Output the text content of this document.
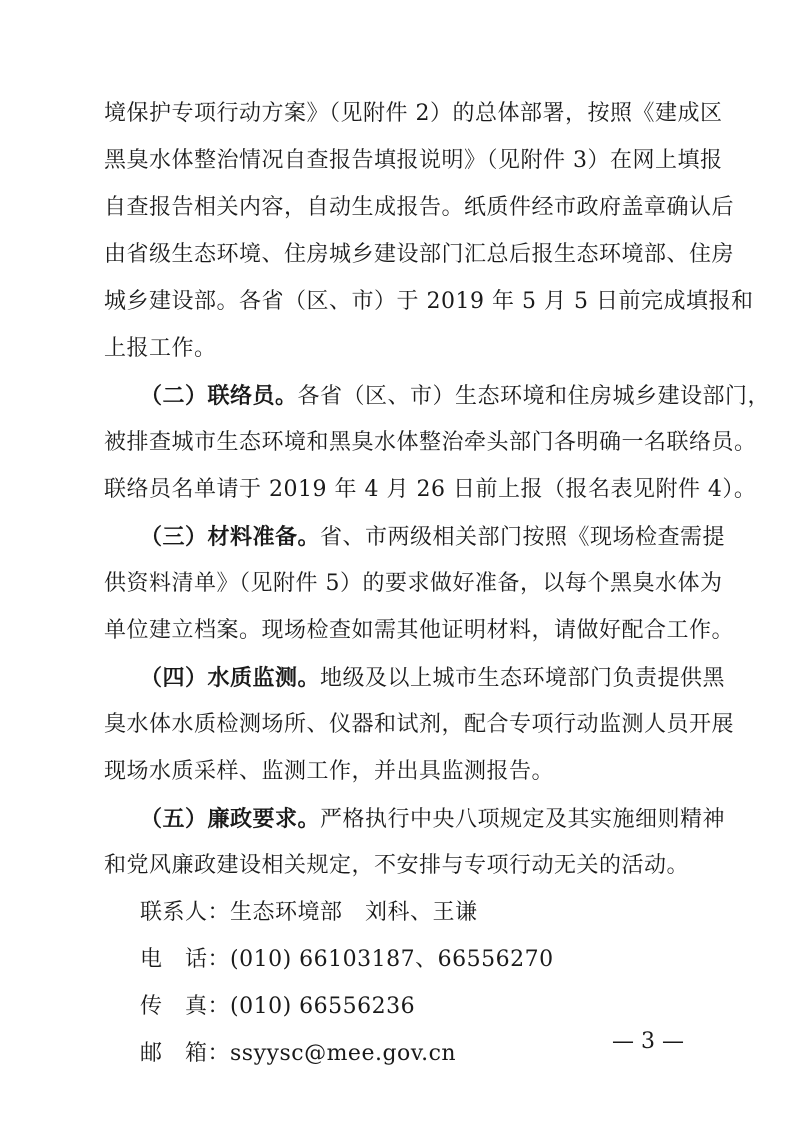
境保护专项行动方案》（见附件 2）的总体部署，按照《建成区
黑臭水体整治情况自查报告填报说明》（见附件 3）在网上填报
自查报告相关内容，自动生成报告。纸质件经市政府盖章确认后
由省级生态环境、住房城乡建设部门汇总后报生态环境部、住房
城乡建设部。各省（区、市）于 2019 年 5 月 5 日前完成填报和
上报工作。
（二）联络员。各省（区、市）生态环境和住房城乡建设部门，
被排查城市生态环境和黑臭水体整治牵头部门各明确一名联络员。
联络员名单请于 2019 年 4 月 26 日前上报（报名表见附件 4）。
（三）材料准备。省、市两级相关部门按照《现场检查需提
供资料清单》（见附件 5）的要求做好准备，以每个黑臭水体为
单位建立档案。现场检查如需其他证明材料，请做好配合工作。
（四）水质监测。地级及以上城市生态环境部门负责提供黑
臭水体水质检测场所、仪器和试剂，配合专项行动监测人员开展
现场水质采样、监测工作，并出具监测报告。
（五）廉政要求。严格执行中央八项规定及其实施细则精神
和党风廉政建设相关规定，不安排与专项行动无关的活动。
联系人：生态环境部　刘科、王谦
电　话：(010) 66103187、66556270
传　真：(010) 66556236
邮　箱：ssyysc@mee.gov.cn	— 3 —
